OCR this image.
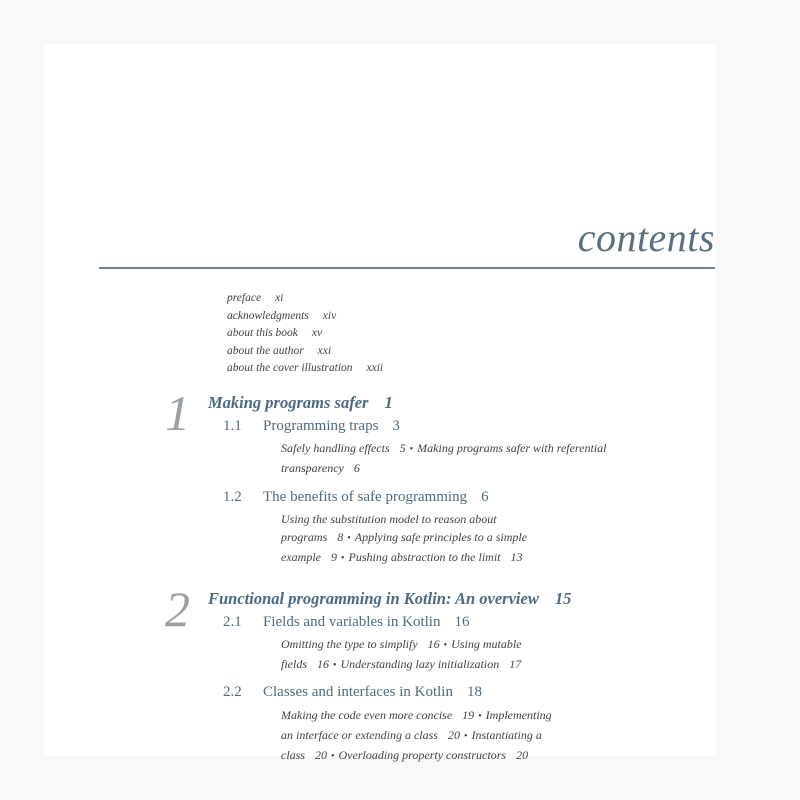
contents
preface xi
acknowledgments xiv
about this book xv
about the author xxi
about the cover illustration xxii
1 Making programs safer 1
1.1 Programming traps 3
Safely handling effects 5 • Making programs safer with referential
transparency 6
1.2 The benefits of safe programming 6
Using the substitution model to reason about
programs 8 • Applying safe principles to a simple
example 9 • Pushing abstraction to the limit 13
2 Functional programming in Kotlin: An overview 15
2.1 Fields and variables in Kotlin 16
Omitting the type to simplify 16 • Using mutable
fields 16 • Understanding lazy initialization 17
2.2 Classes and interfaces in Kotlin 18
Making the code even more concise 19 • Implementing
an interface or extending a class 20 • Instantiating a
class 20 • Overloading property constructors 20
